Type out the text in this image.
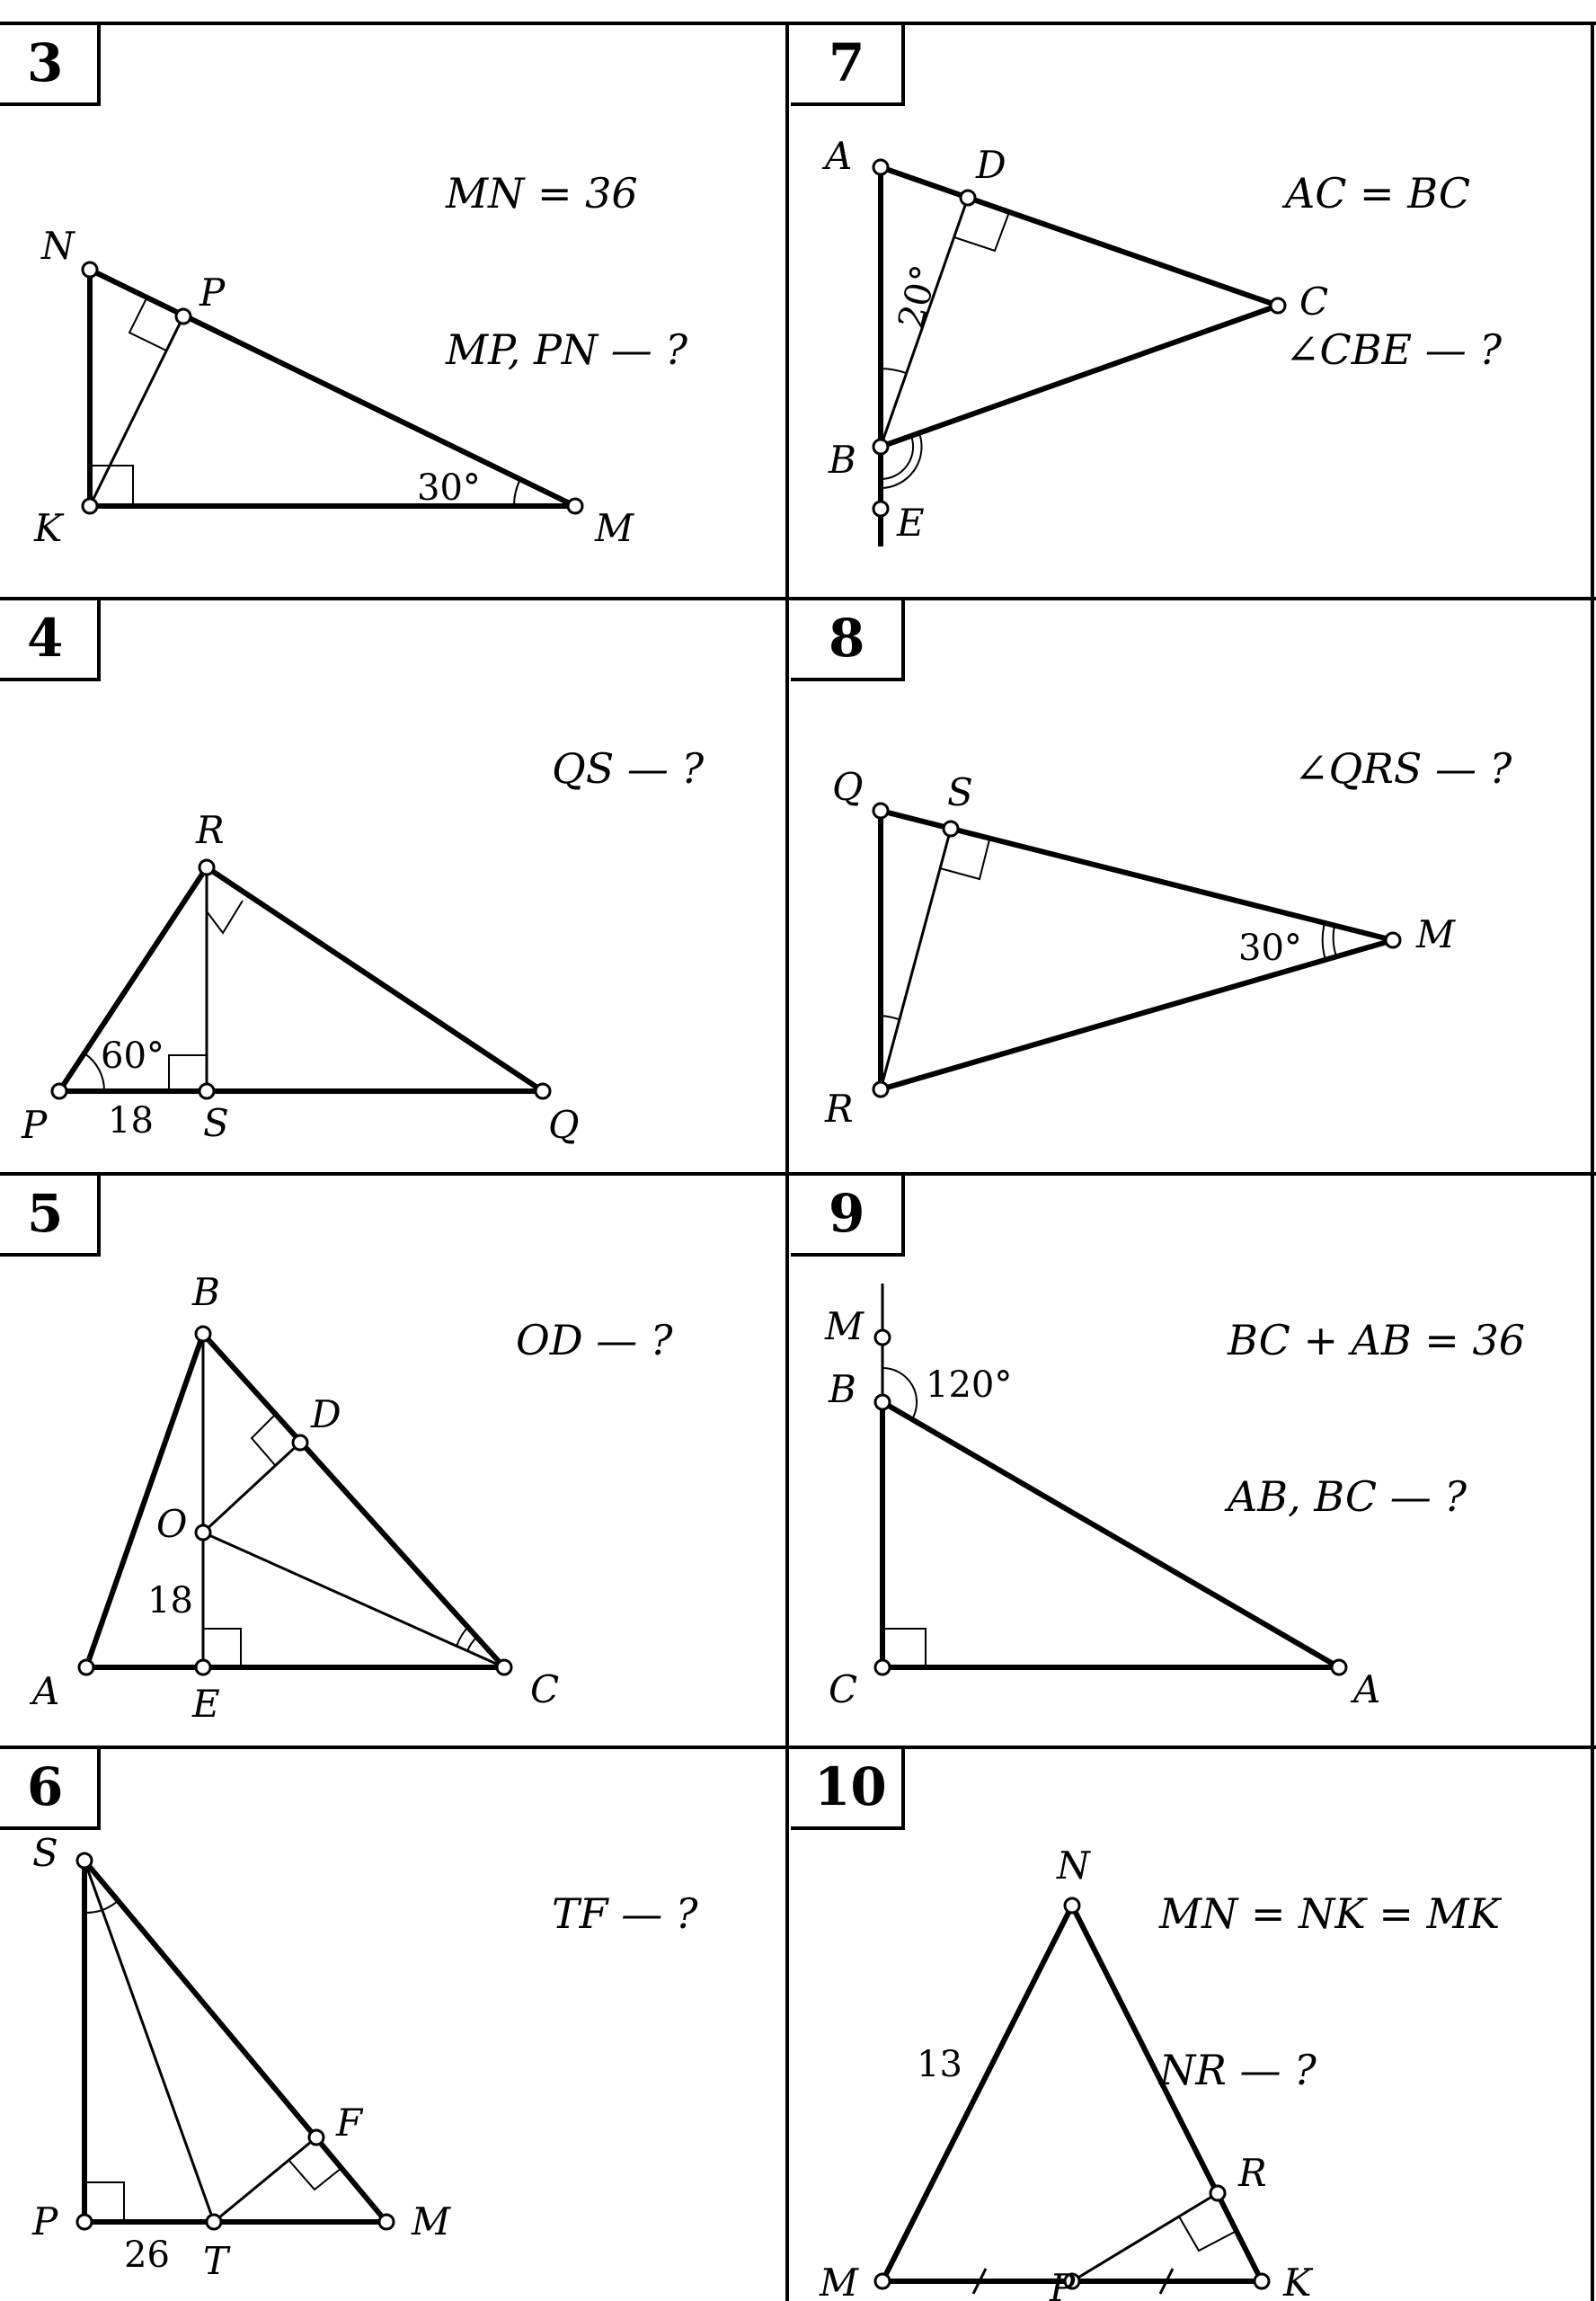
3	7
4	8
5	9
6	10

MN = 36

MP, PN — ?

AC = BC

∠CBE — ?

QS — ?

	∠QRS — ?

OD — ?

	BC + AB = 36

AB, BC — ?

TF — ?

	MN = NK = MK

NR — ?

N
P
K	M
30°
A	D
C
B
E
20°
R
P	S	Q
60°
18
Q S
M
R
30°
B
D
O
A	E	C
18
M
B
C	A
120°
S
F
P
T
M
26
N
R
M	P	K
13
